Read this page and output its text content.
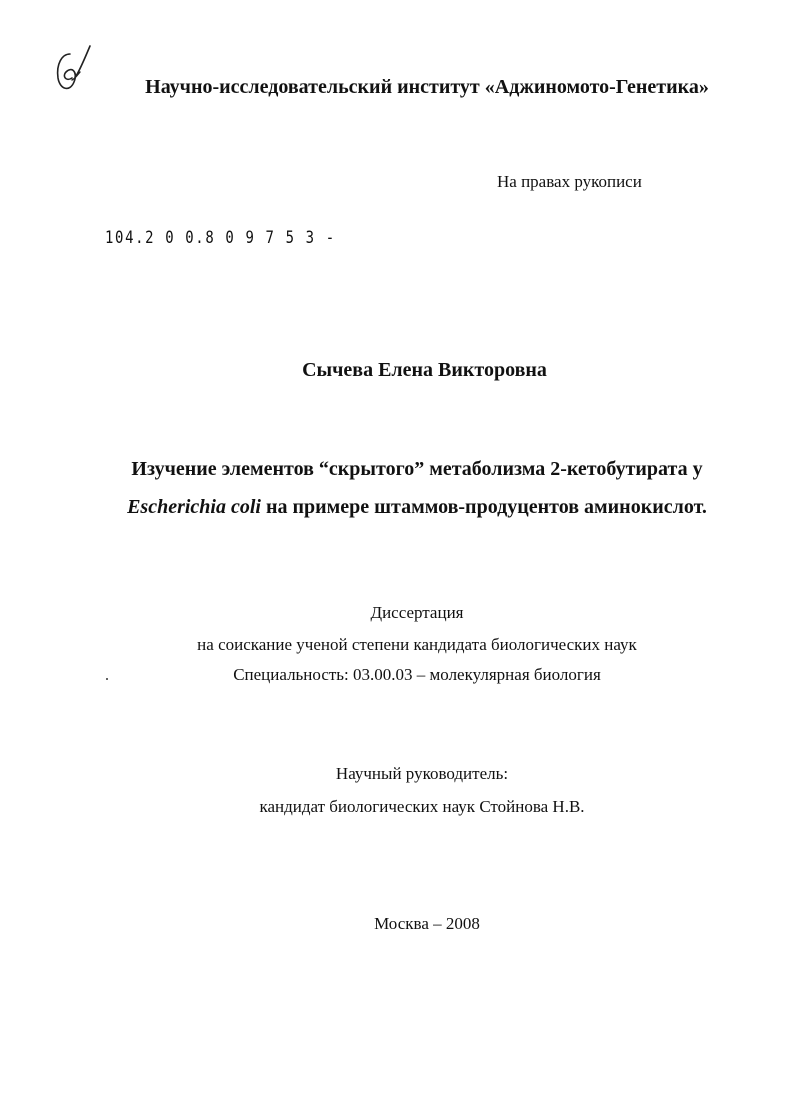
Научно-исследовательский институт «Аджиномото-Генетика»
На правах рукописи
104.2 0 0.8 0 9 7 5 3 -
Сычева Елена Викторовна
Изучение элементов “скрытого” метаболизма 2-кетобутирата у
Escherichia coli на примере штаммов-продуцентов аминокислот.
Диссертация
на соискание ученой степени кандидата биологических наук
Специальность: 03.00.03 – молекулярная биология
Научный руководитель:
кандидат биологических наук Стойнова Н.В.
Москва – 2008
